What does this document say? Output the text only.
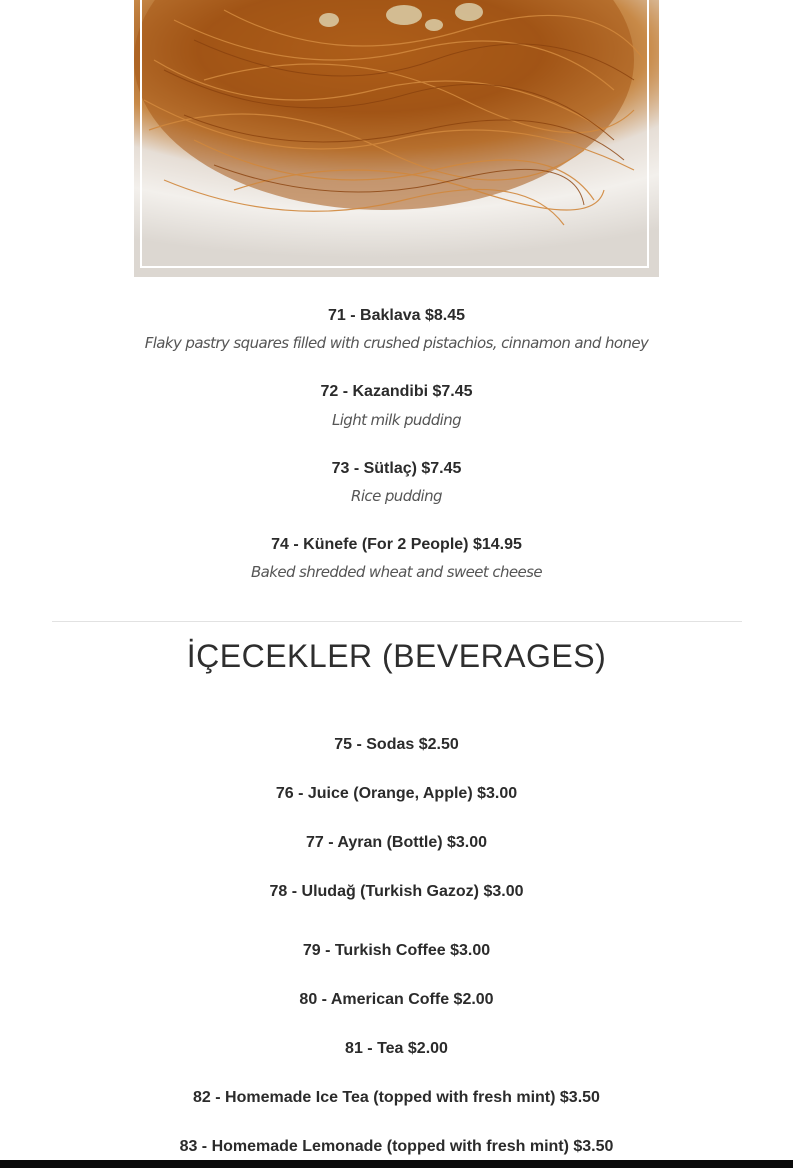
71 - Baklava $8.45
Flaky pastry squares filled with crushed pistachios, cinnamon and honey
72 - Kazandibi $7.45
Light milk pudding
73 - Sütlaç) $7.45
Rice pudding
74 - Künefe (For 2 People) $14.95
Baked shredded wheat and sweet cheese
İÇECEKLER (BEVERAGES)
75 - Sodas $2.50
76 - Juice (Orange, Apple) $3.00
77 - Ayran (Bottle) $3.00
78 - Uludağ (Turkish Gazoz) $3.00
79 - Turkish Coffee $3.00
80 - American Coffe $2.00
81 - Tea $2.00
82 - Homemade Ice Tea (topped with fresh mint) $3.50
83 - Homemade Lemonade (topped with fresh mint) $3.50
